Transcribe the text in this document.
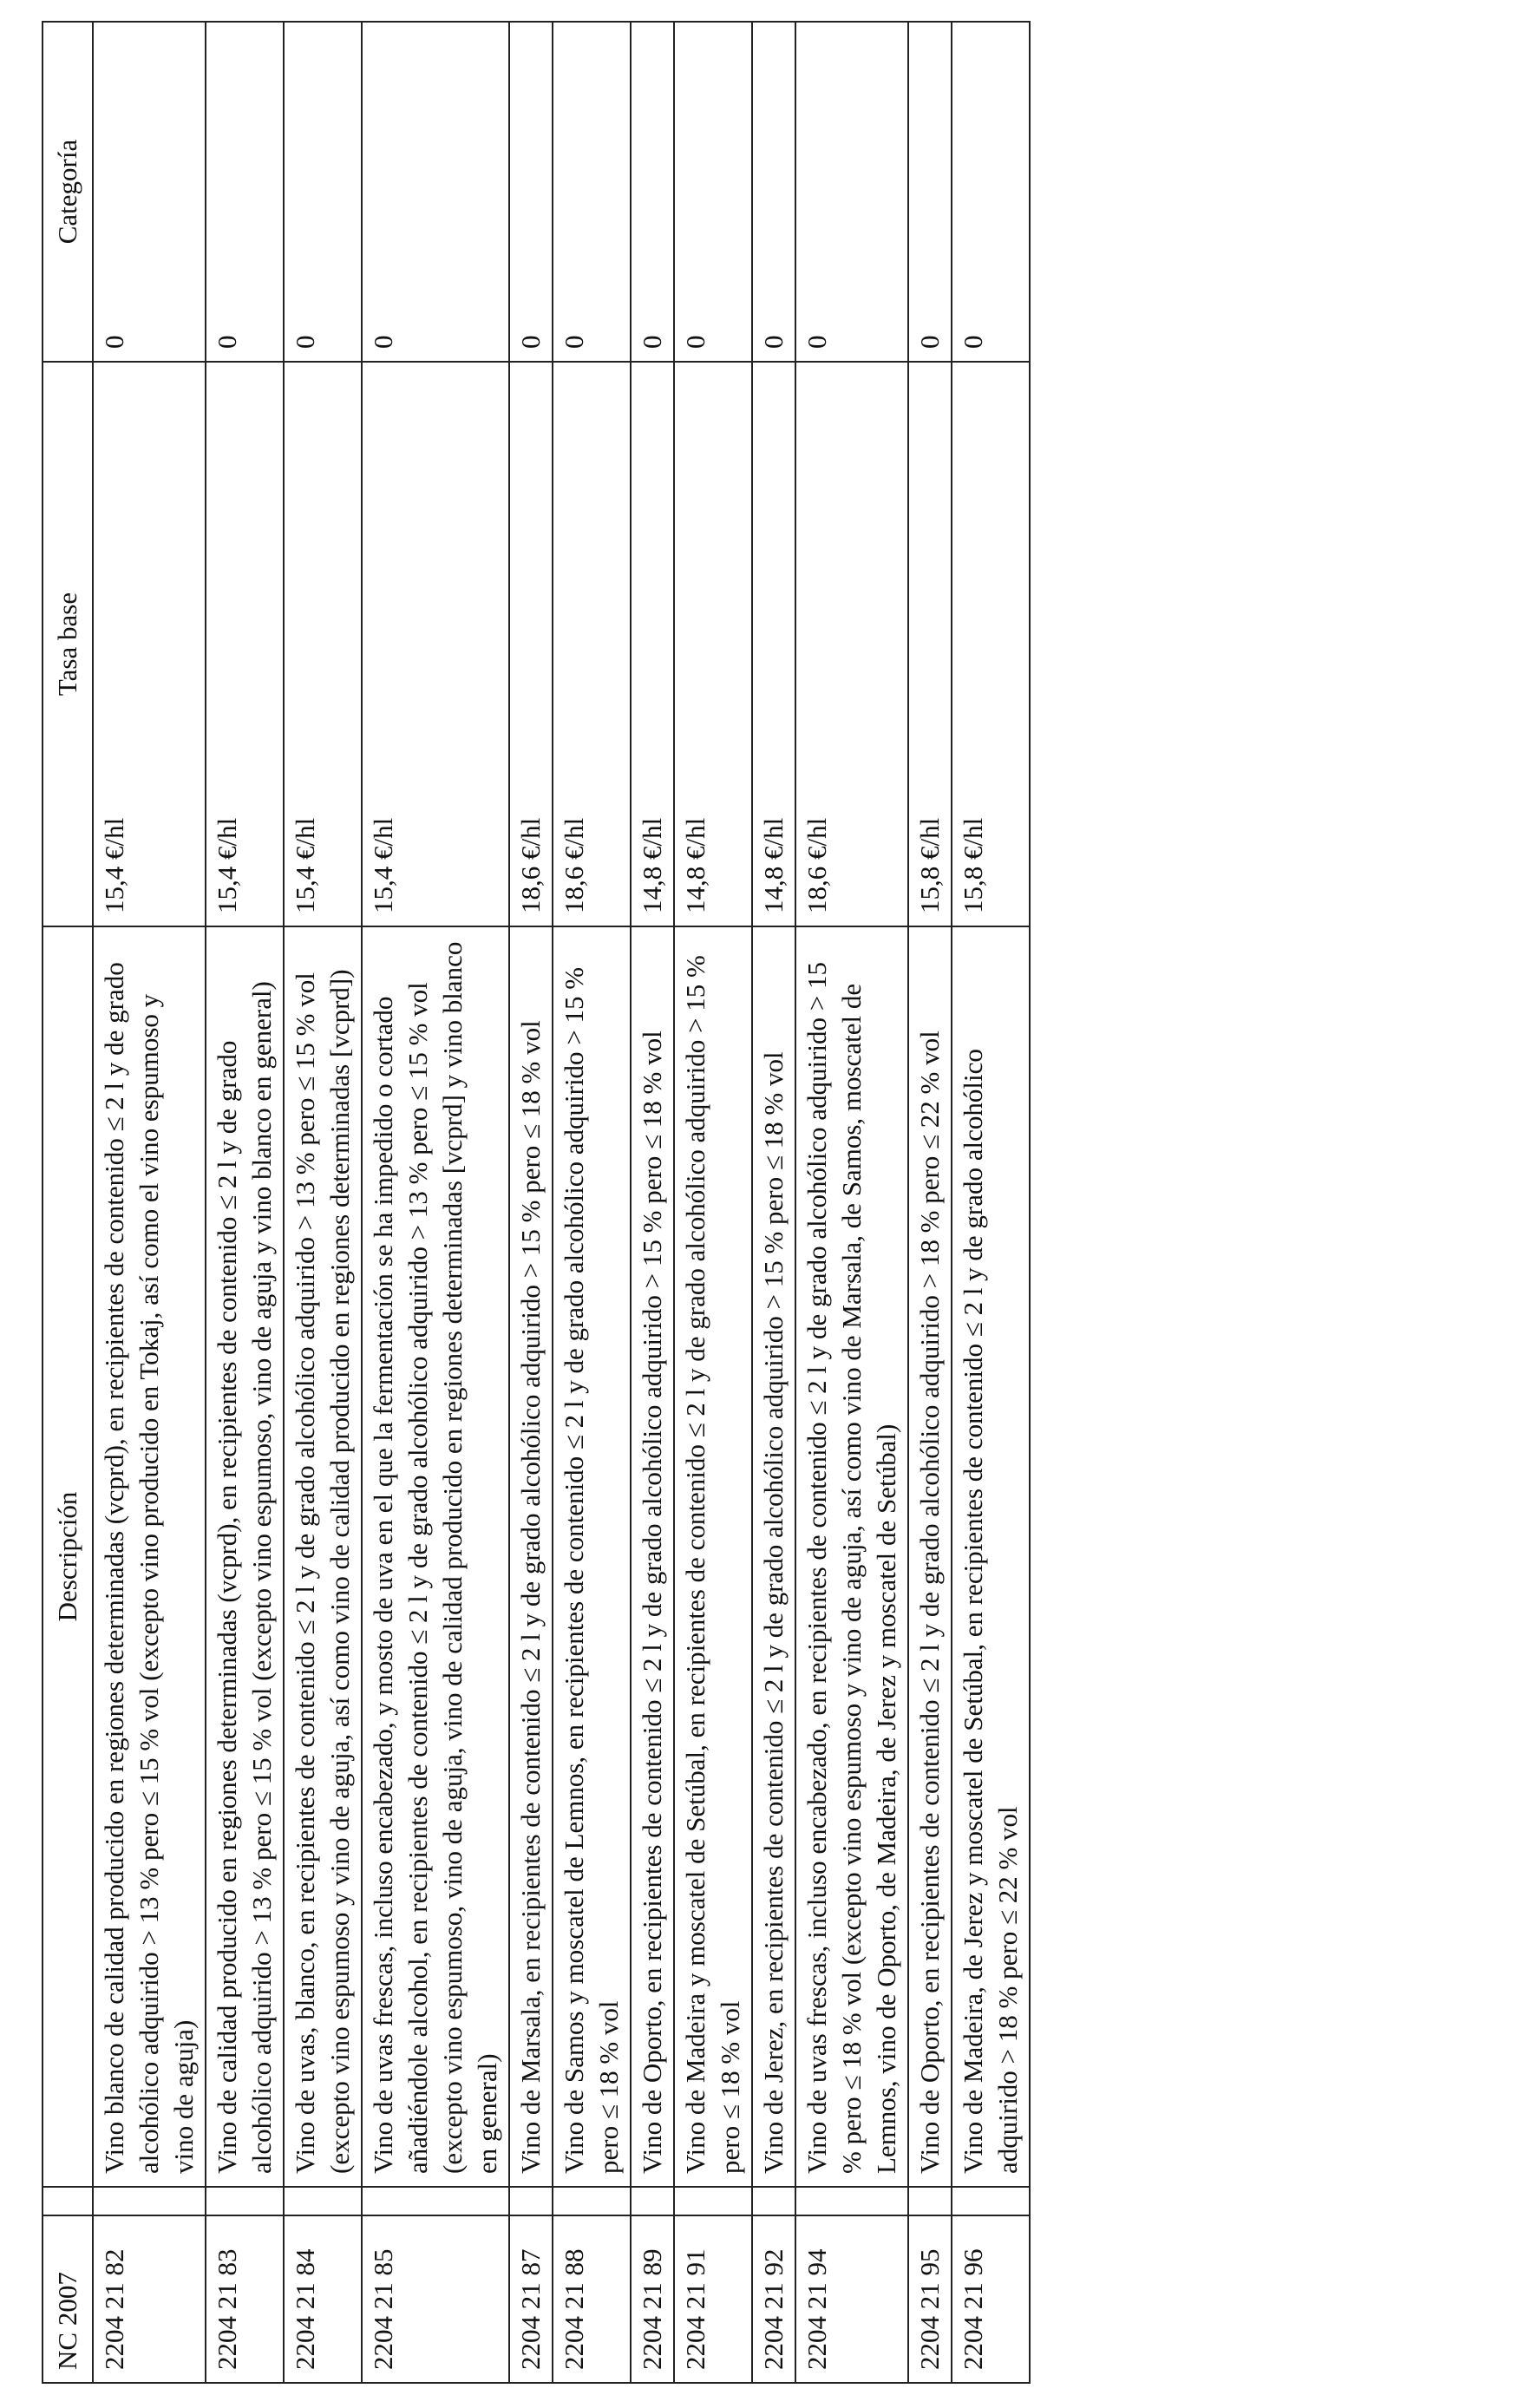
NC 2007		Descripción	Tasa base	Categoría
2204 21 82		Vino blanco de calidad producido en regiones determinadas (vcprd), en recipientes de contenido ≤ 2 l y de grado alcohólico adquirido > 13 % pero ≤ 15 % vol (excepto vino producido en Tokaj, así como el vino espumoso y vino de aguja)	15,4 €/hl	0
2204 21 83		Vino de calidad producido en regiones determinadas (vcprd), en recipientes de contenido ≤ 2 l y de grado alcohólico adquirido > 13 % pero ≤ 15 % vol (excepto vino espumoso, vino de aguja y vino blanco en general)	15,4 €/hl	0
2204 21 84		Vino de uvas, blanco, en recipientes de contenido ≤ 2 l y de grado alcohólico adquirido > 13 % pero ≤ 15 % vol (excepto vino espumoso y vino de aguja, así como vino de calidad producido en regiones determinadas [vcprd])	15,4 €/hl	0
2204 21 85		Vino de uvas frescas, incluso encabezado, y mosto de uva en el que la fermentación se ha impedido o cortado añadiéndole alcohol, en recipientes de contenido ≤ 2 l y de grado alcohólico adquirido > 13 % pero ≤ 15 % vol (excepto vino espumoso, vino de aguja, vino de calidad producido en regiones determinadas [vcprd] y vino blanco en general)	15,4 €/hl	0
2204 21 87		Vino de Marsala, en recipientes de contenido ≤ 2 l y de grado alcohólico adquirido > 15 % pero ≤ 18 % vol	18,6 €/hl	0
2204 21 88		Vino de Samos y moscatel de Lemnos, en recipientes de contenido ≤ 2 l y de grado alcohólico adquirido > 15 % pero ≤ 18 % vol	18,6 €/hl	0
2204 21 89		Vino de Oporto, en recipientes de contenido ≤ 2 l y de grado alcohólico adquirido > 15 % pero ≤ 18 % vol	14,8 €/hl	0
2204 21 91		Vino de Madeira y moscatel de Setúbal, en recipientes de contenido ≤ 2 l y de grado alcohólico adquirido > 15 % pero ≤ 18 % vol	14,8 €/hl	0
2204 21 92		Vino de Jerez, en recipientes de contenido ≤ 2 l y de grado alcohólico adquirido > 15 % pero ≤ 18 % vol	14,8 €/hl	0
2204 21 94		Vino de uvas frescas, incluso encabezado, en recipientes de contenido ≤ 2 l y de grado alcohólico adquirido > 15 % pero ≤ 18 % vol (excepto vino espumoso y vino de aguja, así como vino de Marsala, de Samos, moscatel de Lemnos, vino de Oporto, de Madeira, de Jerez y moscatel de Setúbal)	18,6 €/hl	0
2204 21 95		Vino de Oporto, en recipientes de contenido ≤ 2 l y de grado alcohólico adquirido > 18 % pero ≤ 22 % vol	15,8 €/hl	0
2204 21 96		Vino de Madeira, de Jerez y moscatel de Setúbal, en recipientes de contenido ≤ 2 l y de grado alcohólico adquirido > 18 % pero ≤ 22 % vol	15,8 €/hl	0
